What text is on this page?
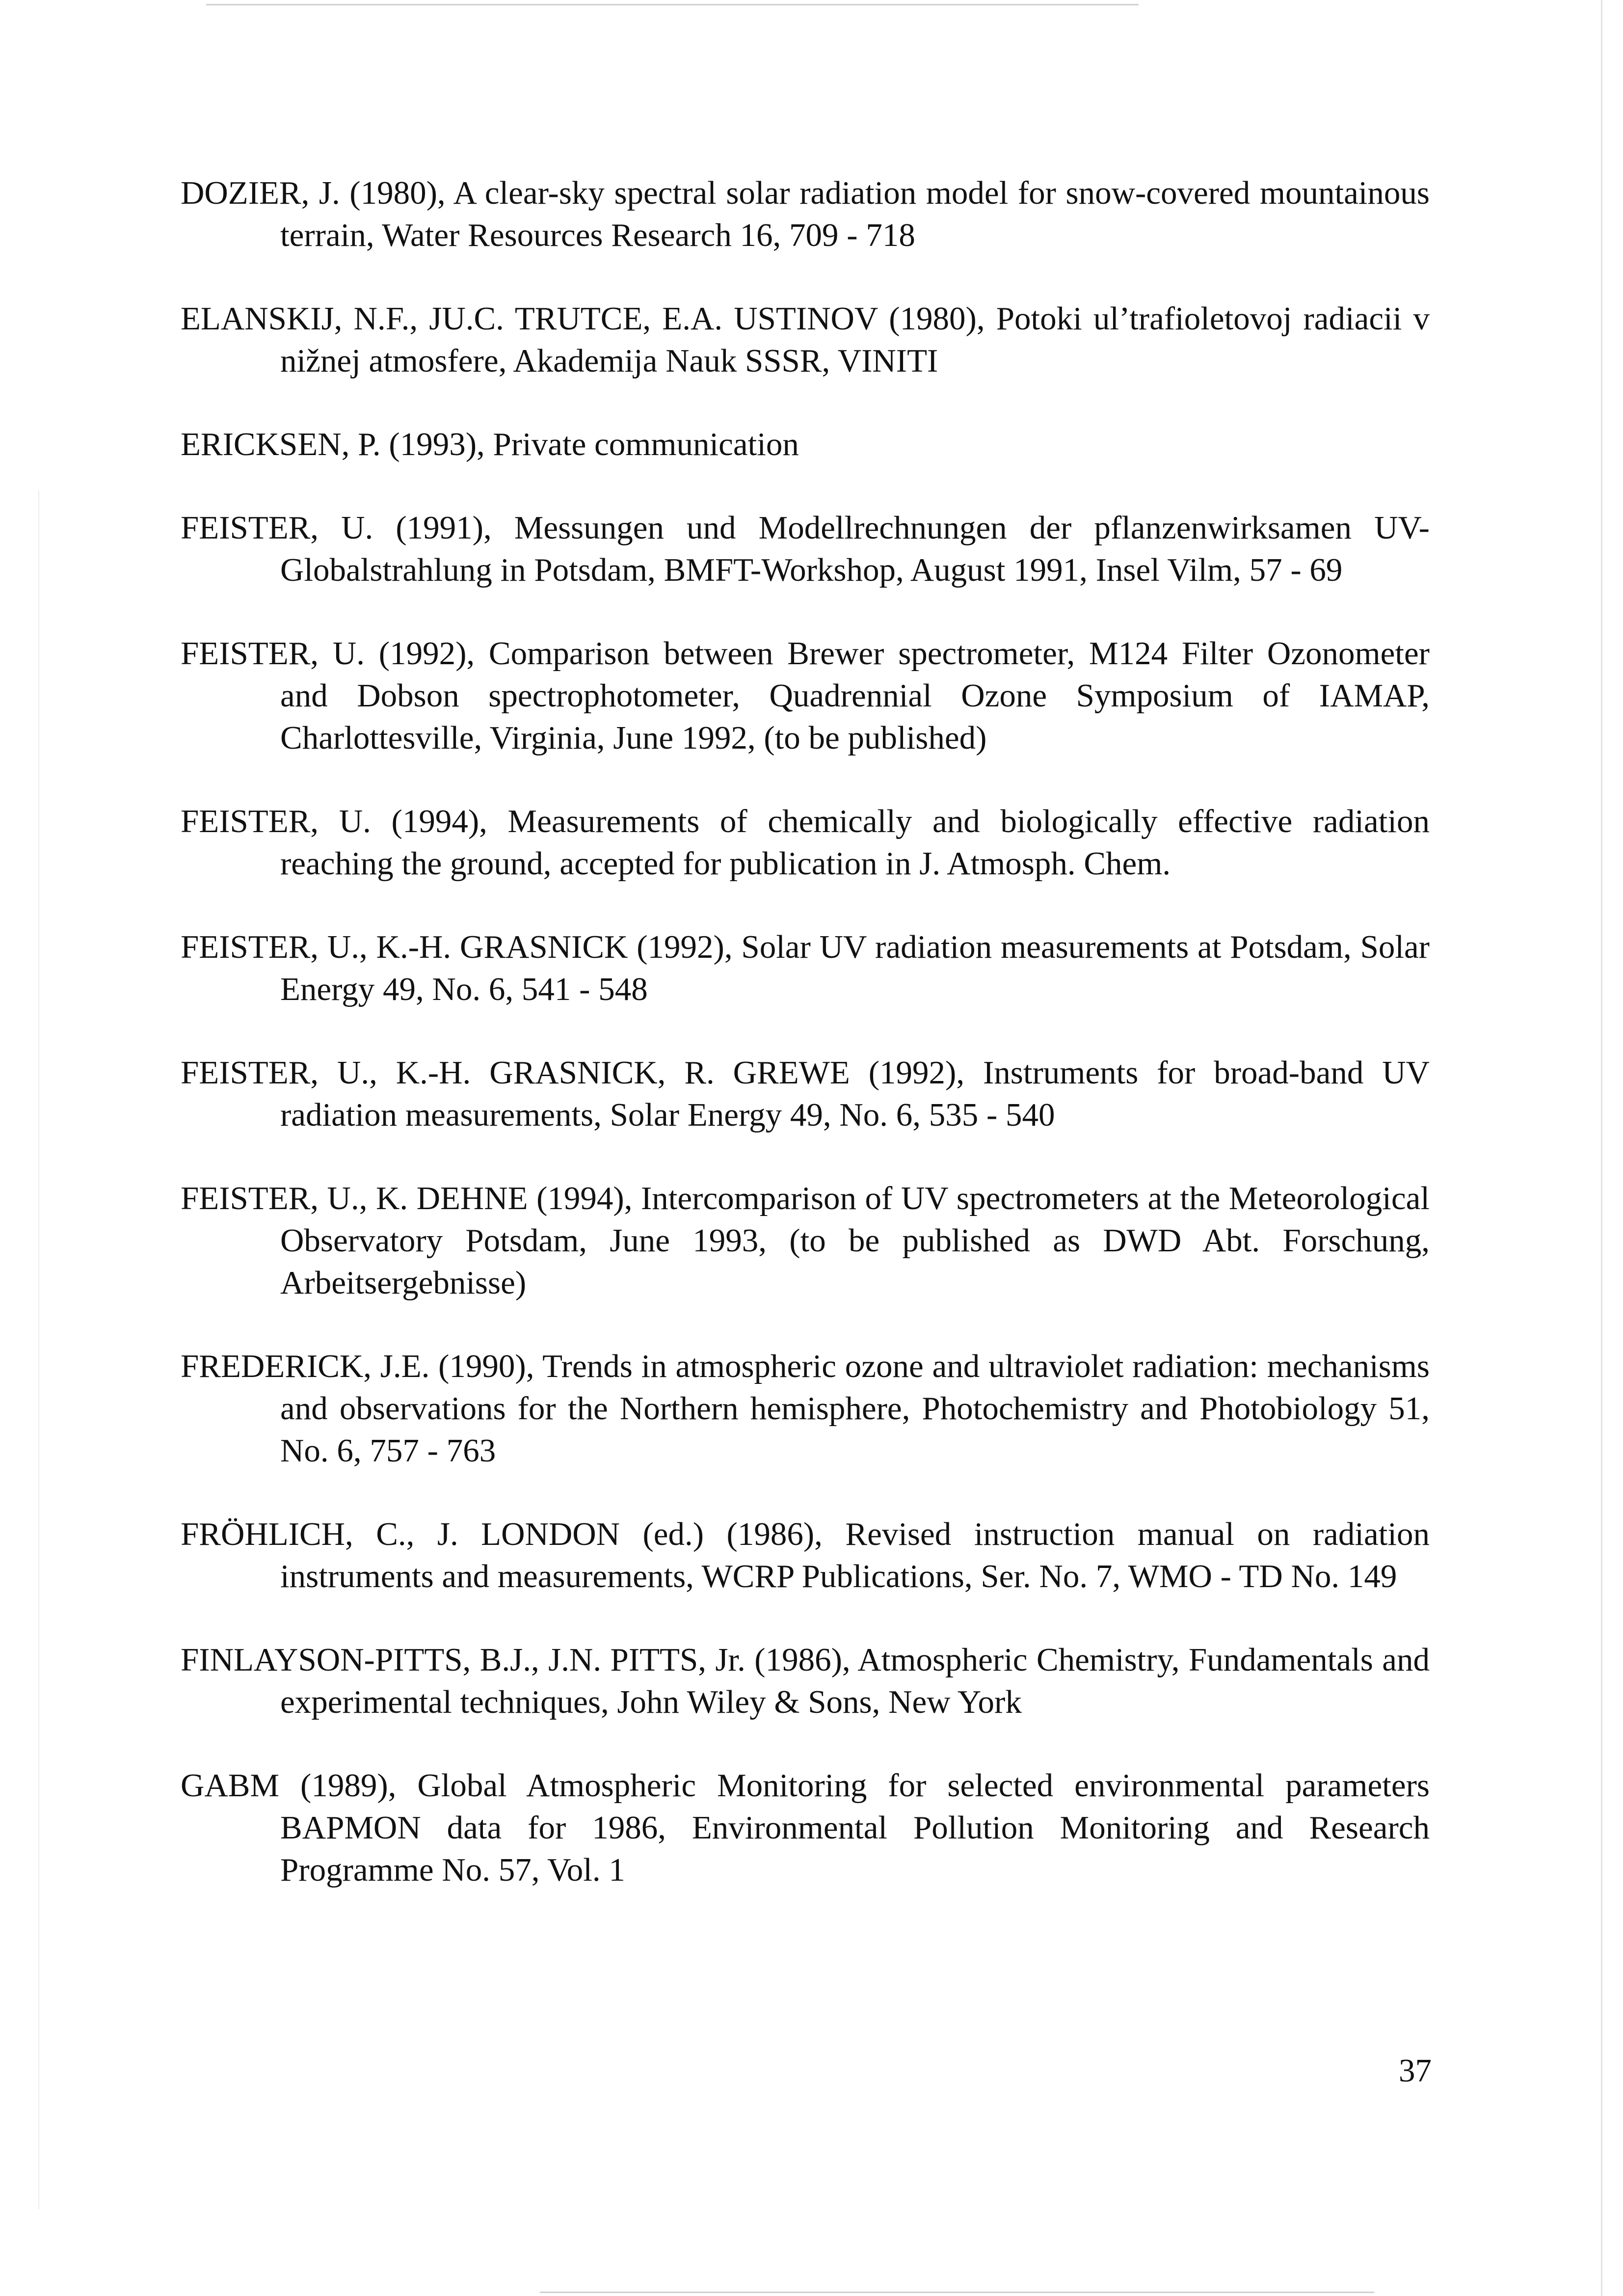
DOZIER, J. (1980), A clear-sky spectral solar radiation model for snow-covered mountainous terrain, Water Resources Research 16, 709 - 718
ELANSKIJ, N.F., JU.C. TRUTCE, E.A. USTINOV (1980), Potoki ul’trafioletovoj radiacii v nižnej atmosfere, Akademija Nauk SSSR, VINITI
ERICKSEN, P. (1993), Private communication
FEISTER, U. (1991), Messungen und Modellrechnungen der pflanzenwirksamen UV-Globalstrahlung in Potsdam, BMFT-Workshop, August 1991, Insel Vilm, 57 - 69
FEISTER, U. (1992), Comparison between Brewer spectrometer, M124 Filter Ozonometer and Dobson spectrophotometer, Quadrennial Ozone Symposium of IAMAP, Charlottesville, Virginia, June 1992, (to be published)
FEISTER, U. (1994), Measurements of chemically and biologically effective radiation reaching the ground, accepted for publication in J. Atmosph. Chem.
FEISTER, U., K.-H. GRASNICK (1992), Solar UV radiation measurements at Potsdam, Solar Energy 49, No. 6, 541 - 548
FEISTER, U., K.-H. GRASNICK, R. GREWE (1992), Instruments for broad-band UV radiation measurements, Solar Energy 49, No. 6, 535 - 540
FEISTER, U., K. DEHNE (1994), Intercomparison of UV spectrometers at the Meteorological Observatory Potsdam, June 1993, (to be published as DWD Abt. Forschung, Arbeitsergebnisse)
FREDERICK, J.E. (1990), Trends in atmospheric ozone and ultraviolet radiation: mechanisms and observations for the Northern hemisphere, Photochemistry and Photobiology 51, No. 6, 757 - 763
FRÖHLICH, C., J. LONDON (ed.) (1986), Revised instruction manual on radiation instruments and measurements, WCRP Publications, Ser. No. 7, WMO - TD No. 149
FINLAYSON-PITTS, B.J., J.N. PITTS, Jr. (1986), Atmospheric Chemistry, Fundamentals and experimental techniques, John Wiley & Sons, New York
GABM (1989), Global Atmospheric Monitoring for selected environmental parameters BAPMON data for 1986, Environmental Pollution Monitoring and Research Programme No. 57, Vol. 1
37
